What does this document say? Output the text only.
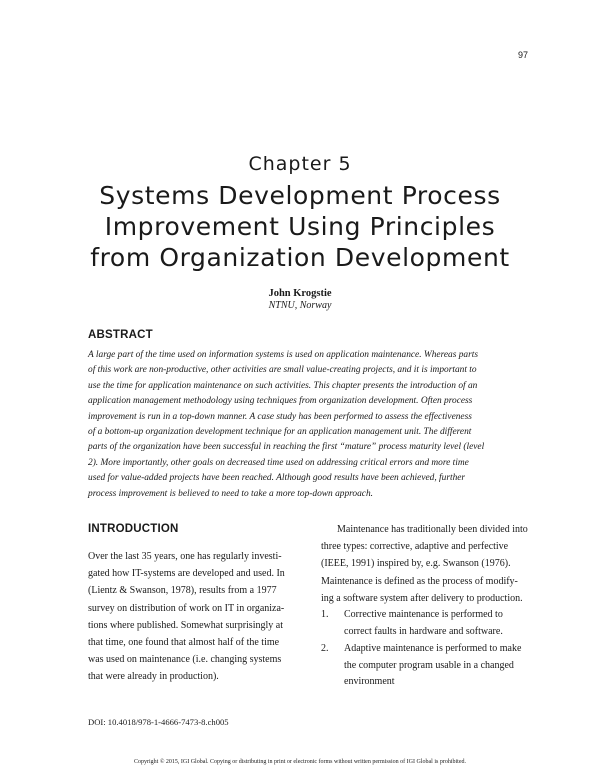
97
Chapter 5
Systems Development Process
Improvement Using Principles
from Organization Development
John Krogstie
NTNU, Norway
ABSTRACT
A large part of the time used on information systems is used on application maintenance. Whereas parts
of this work are non-productive, other activities are small value-creating projects, and it is important to
use the time for application maintenance on such activities. This chapter presents the introduction of an
application management methodology using techniques from organization development. Often process
improvement is run in a top-down manner. A case study has been performed to assess the effectiveness
of a bottom-up organization development technique for an application management unit. The different
parts of the organization have been successful in reaching the first “mature” process maturity level (level
2). More importantly, other goals on decreased time used on addressing critical errors and more time
used for value-added projects have been reached. Although good results have been achieved, further
process improvement is believed to need to take a more top-down approach.
INTRODUCTION
Over the last 35 years, one has regularly investi-
gated how IT-systems are developed and used. In
(Lientz & Swanson, 1978), results from a 1977
survey on distribution of work on IT in organiza-
tions where published. Somewhat surprisingly at
that time, one found that almost half of the time
was used on maintenance (i.e. changing systems
that were already in production).
Maintenance has traditionally been divided into
three types: corrective, adaptive and perfective
(IEEE, 1991) inspired by, e.g. Swanson (1976).
Maintenance is defined as the process of modify-
ing a software system after delivery to production.
1. Corrective maintenance is performed to
correct faults in hardware and software.
2. Adaptive maintenance is performed to make
the computer program usable in a changed
environment
DOI: 10.4018/978-1-4666-7473-8.ch005
Copyright © 2015, IGI Global. Copying or distributing in print or electronic forms without written permission of IGI Global is prohibited.
